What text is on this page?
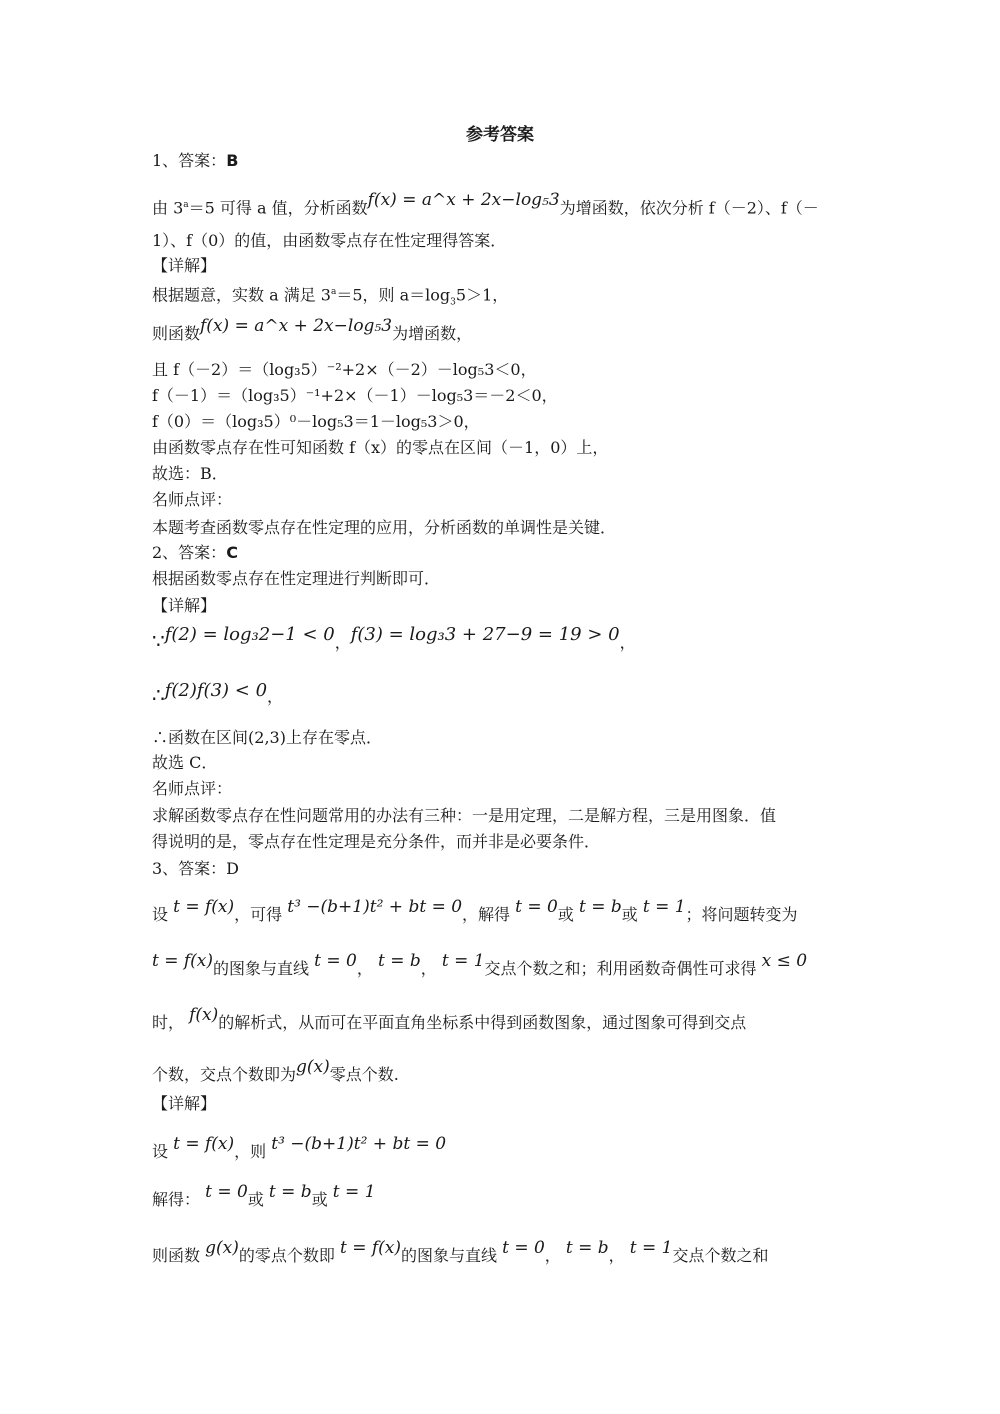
参考答案
1、答案：B
由 $3^a=5$ 可得 a 值，分析函数f(x) = a^x + 2x−log₅3为增函数，依次分析 f（－2）、f（－
1）、f（0）的值，由函数零点存在性定理得答案．
【详解】
根据题意，实数 a 满足 $3^a=5$，则 $a=\log_35>1$，
则函数f(x) = a^x + 2x−log₅3为增函数，
且 f（－2）＝（log₃5）⁻²+2×（－2）－log₅3＜0，
f（－1）＝（log₃5）⁻¹+2×（－1）－log₅3＝－2＜0，
f（0）＝（log₃5）⁰－log₅3＝1－log₅3＞0，
由函数零点存在性可知函数 f（x）的零点在区间（－1，0）上，
故选：B．
名师点评：
本题考查函数零点存在性定理的应用，分析函数的单调性是关键．
2、答案：C
根据函数零点存在性定理进行判断即可．
【详解】
∵f(2) = log₃2−1 < 0，f(3) = log₃3 + 27−9 = 19 > 0，
∴f(2)f(3) < 0，
∴函数在区间(2,3)上存在零点．
故选 C．
名师点评：
求解函数零点存在性问题常用的办法有三种：一是用定理，二是解方程，三是用图象．值
得说明的是，零点存在性定理是充分条件，而并非是必要条件．
3、答案：D
设 t = f(x)，可得 t³ −(b+1)t² + bt = 0，解得 t = 0或 t = b或 t = 1；将问题转变为
t = f(x)的图象与直线 t = 0， t = b， t = 1交点个数之和；利用函数奇偶性可求得 x ≤ 0
时， f(x)的解析式，从而可在平面直角坐标系中得到函数图象，通过图象可得到交点
个数，交点个数即为g(x)零点个数.
【详解】
设 t = f(x)，则 t³ −(b+1)t² + bt = 0
解得： t = 0或 t = b或 t = 1
则函数 g(x)的零点个数即 t = f(x)的图象与直线 t = 0， t = b， t = 1交点个数之和
